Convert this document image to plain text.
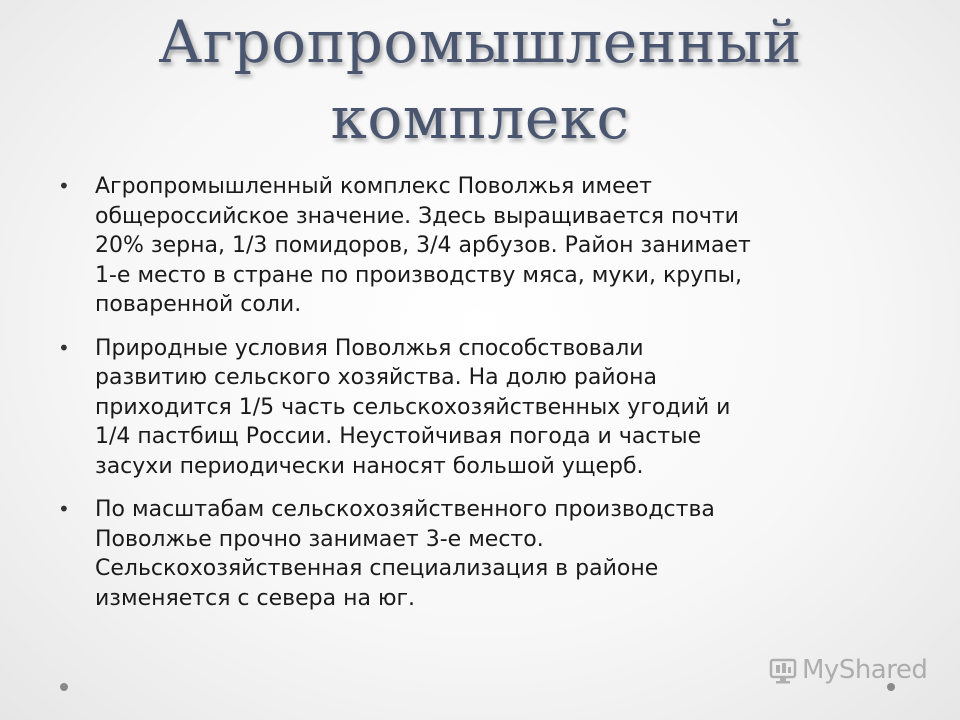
Агропромышленный
комплекс
• Агропромышленный комплекс Поволжья имеет
общероссийское значение. Здесь выращивается почти
20% зерна, 1/3 помидоров, 3/4 арбузов. Район занимает
1-е место в стране по производству мяса, муки, крупы,
поваренной соли.
• Природные условия Поволжья способствовали
развитию сельского хозяйства. На долю района
приходится 1/5 часть сельскохозяйственных угодий и
1/4 пастбищ России. Неустойчивая погода и частые
засухи периодически наносят большой ущерб.
• По масштабам сельскохозяйственного производства
Поволжье прочно занимает 3-е место.
Сельскохозяйственная специализация в районе
изменяется с севера на юг.
MyShared
